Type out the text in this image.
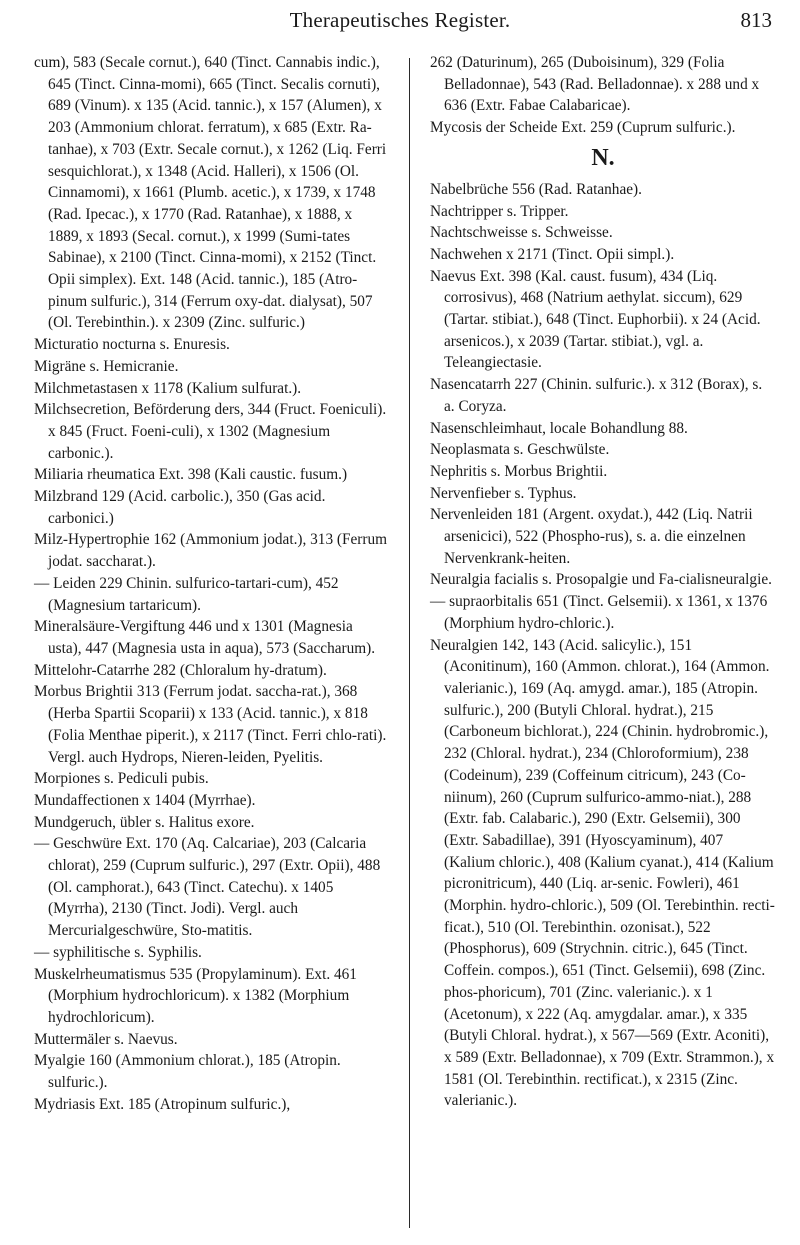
Therapeutisches Register.	813

cum), 583 (Secale cornut.), 640 (Tinct. Cannabis indic.), 645 (Tinct. Cinna-momi), 665 (Tinct. Secalis cornuti), 689 (Vinum). x 135 (Acid. tannic.), x 157 (Alumen), x 203 (Ammonium chlorat. ferratum), x 685 (Extr. Ra-tanhae), x 703 (Extr. Secale cornut.), x 1262 (Liq. Ferri sesquichlorat.), x 1348 (Acid. Halleri), x 1506 (Ol. Cinnamomi), x 1661 (Plumb. acetic.), x 1739, x 1748 (Rad. Ipecac.), x 1770 (Rad. Ratanhae), x 1888, x 1889, x 1893 (Secal. cornut.), x 1999 (Sumi-tates Sabinae), x 2100 (Tinct. Cinna-momi), x 2152 (Tinct. Opii simplex). Ext. 148 (Acid. tannic.), 185 (Atro-pinum sulfuric.), 314 (Ferrum oxy-dat. dialysat), 507 (Ol. Terebinthin.). x 2309 (Zinc. sulfuric.)

Micturatio nocturna s. Enuresis.

Migräne s. Hemicranie.

Milchmetastasen x 1178 (Kalium sulfurat.).

Milchsecretion, Beförderung ders, 344 (Fruct. Foeniculi). x 845 (Fruct. Foeni-culi), x 1302 (Magnesium carbonic.).

Miliaria rheumatica Ext. 398 (Kali caustic. fusum.)

Milzbrand 129 (Acid. carbolic.), 350 (Gas acid. carbonici.)

Milz-Hypertrophie 162 (Ammonium jodat.), 313 (Ferrum jodat. saccharat.).

— Leiden 229 Chinin. sulfurico-tartari-cum), 452 (Magnesium tartaricum).

Mineralsäure-Vergiftung 446 und x 1301 (Magnesia usta), 447 (Magnesia usta in aqua), 573 (Saccharum).

Mittelohr-Catarrhe 282 (Chloralum hy-dratum).

Morbus Brightii 313 (Ferrum jodat. saccha-rat.), 368 (Herba Spartii Scoparii) x 133 (Acid. tannic.), x 818 (Folia Menthae piperit.), x 2117 (Tinct. Ferri chlo-rati). Vergl. auch Hydrops, Nieren-leiden, Pyelitis.

Morpiones s. Pediculi pubis.

Mundaffectionen x 1404 (Myrrhae).

Mundgeruch, übler s. Halitus exore.

— Geschwüre Ext. 170 (Aq. Calcariae), 203 (Calcaria chlorat), 259 (Cuprum sulfuric.), 297 (Extr. Opii), 488 (Ol. camphorat.), 643 (Tinct. Catechu). x 1405 (Myrrha), 2130 (Tinct. Jodi). Vergl. auch Mercurialgeschwüre, Sto-matitis.

— syphilitische s. Syphilis.

Muskelrheumatismus 535 (Propylaminum). Ext. 461 (Morphium hydrochloricum). x 1382 (Morphium hydrochloricum).

Muttermäler s. Naevus.

Myalgie 160 (Ammonium chlorat.), 185 (Atropin. sulfuric.).

Mydriasis Ext. 185 (Atropinum sulfuric.),

262 (Daturinum), 265 (Duboisinum), 329 (Folia Belladonnae), 543 (Rad. Belladonnae). x 288 und x 636 (Extr. Fabae Calabaricae).

Mycosis der Scheide Ext. 259 (Cuprum sulfuric.).

N.

Nabelbrüche 556 (Rad. Ratanhae).

Nachtripper s. Tripper.

Nachtschweisse s. Schweisse.

Nachwehen x 2171 (Tinct. Opii simpl.).

Naevus Ext. 398 (Kal. caust. fusum), 434 (Liq. corrosivus), 468 (Natrium aethylat. siccum), 629 (Tartar. stibiat.), 648 (Tinct. Euphorbii). x 24 (Acid. arsenicos.), x 2039 (Tartar. stibiat.), vgl. a. Teleangiectasie.

Nasencatarrh 227 (Chinin. sulfuric.). x 312 (Borax), s. a. Coryza.

Nasenschleimhaut, locale Bohandlung 88.

Neoplasmata s. Geschwülste.

Nephritis s. Morbus Brightii.

Nervenfieber s. Typhus.

Nervenleiden 181 (Argent. oxydat.), 442 (Liq. Natrii arsenicici), 522 (Phospho-rus), s. a. die einzelnen Nervenkrank-heiten.

Neuralgia facialis s. Prosopalgie und Fa-cialisneuralgie.

— supraorbitalis 651 (Tinct. Gelsemii). x 1361, x 1376 (Morphium hydro-chloric.).

Neuralgien 142, 143 (Acid. salicylic.), 151 (Aconitinum), 160 (Ammon. chlorat.), 164 (Ammon. valerianic.), 169 (Aq. amygd. amar.), 185 (Atropin. sulfuric.), 200 (Butyli Chloral. hydrat.), 215 (Carboneum bichlorat.), 224 (Chinin. hydrobromic.), 232 (Chloral. hydrat.), 234 (Chloroformium), 238 (Codeinum), 239 (Coffeinum citricum), 243 (Co-niinum), 260 (Cuprum sulfurico-ammo-niat.), 288 (Extr. fab. Calabaric.), 290 (Extr. Gelsemii), 300 (Extr. Sabadillae), 391 (Hyoscyaminum), 407 (Kalium chloric.), 408 (Kalium cyanat.), 414 (Kalium picronitricum), 440 (Liq. ar-senic. Fowleri), 461 (Morphin. hydro-chloric.), 509 (Ol. Terebinthin. recti-ficat.), 510 (Ol. Terebinthin. ozonisat.), 522 (Phosphorus), 609 (Strychnin. citric.), 645 (Tinct. Coffein. compos.), 651 (Tinct. Gelsemii), 698 (Zinc. phos-phoricum), 701 (Zinc. valerianic.). x 1 (Acetonum), x 222 (Aq. amygdalar. amar.), x 335 (Butyli Chloral. hydrat.), x 567—569 (Extr. Aconiti), x 589 (Extr. Belladonnae), x 709 (Extr. Strammon.), x 1581 (Ol. Terebinthin. rectificat.), x 2315 (Zinc. valerianic.).
